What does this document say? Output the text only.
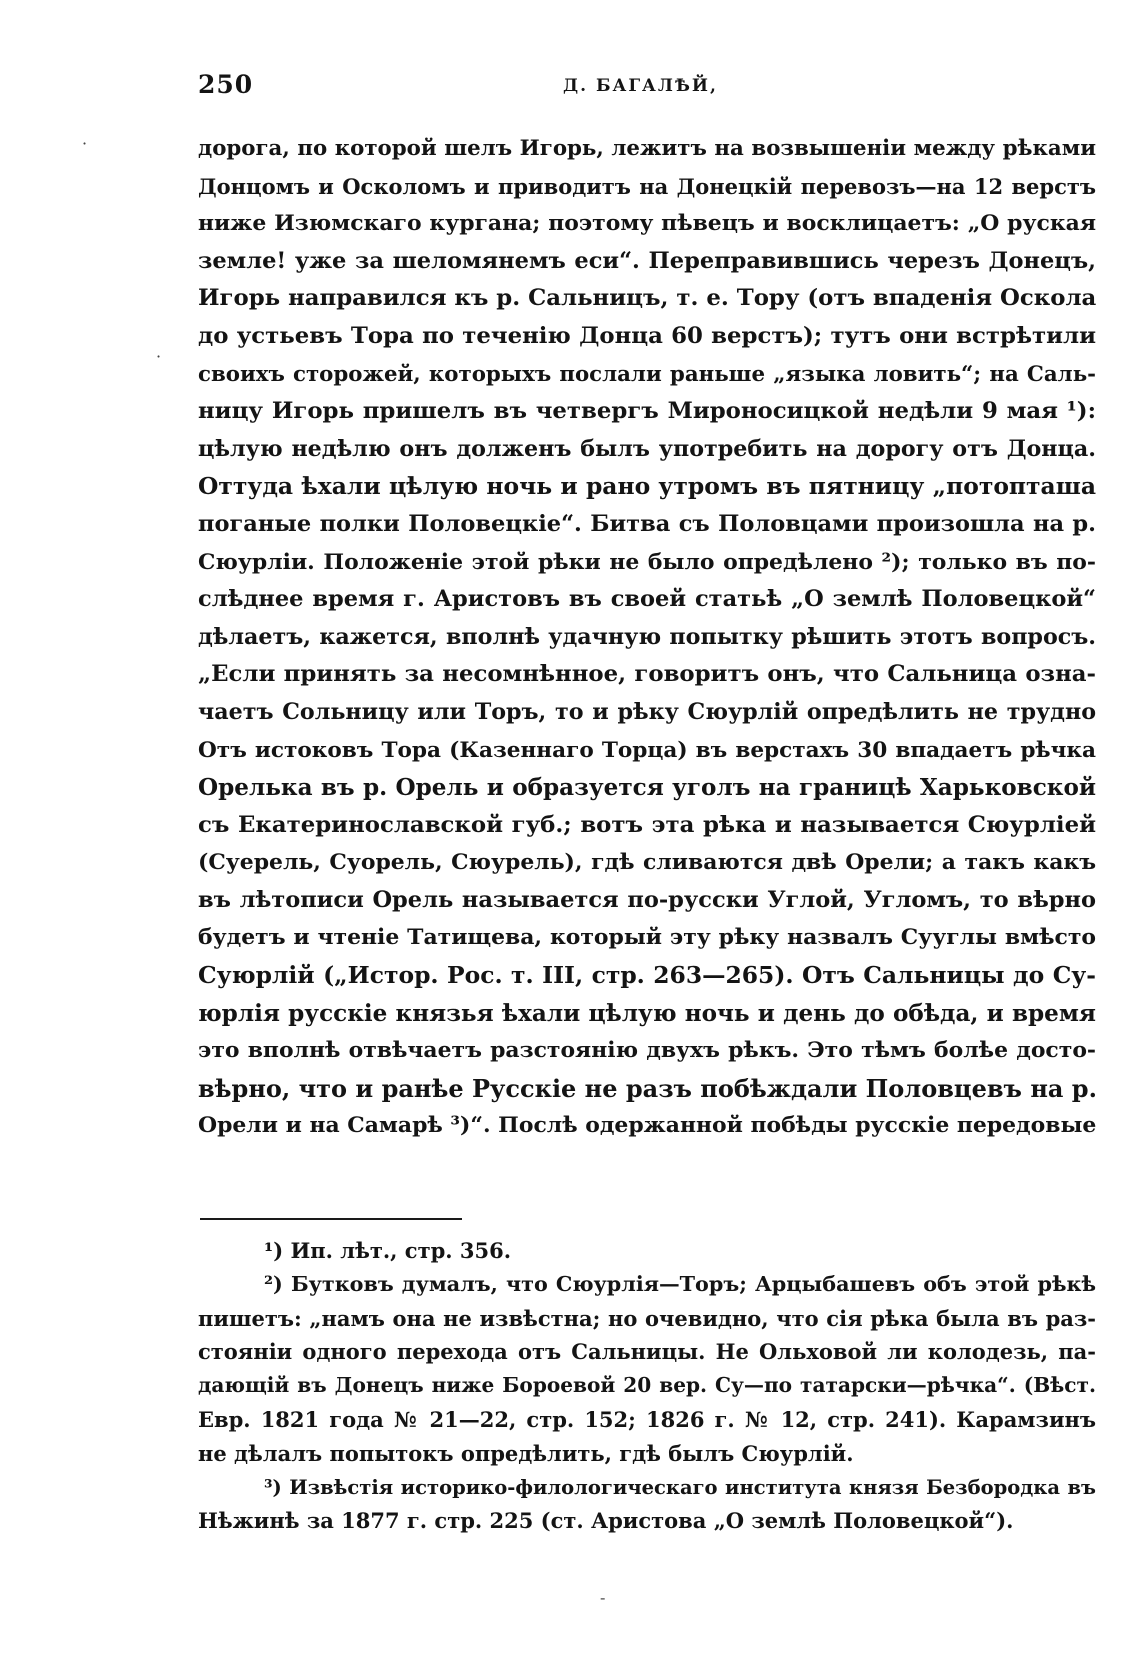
250	Д. БАГАЛѢЙ,
дорога, по которой шелъ Игорь, лежитъ на возвышеніи между рѣками
Донцомъ и Осколомъ и приводитъ на Донецкій перевозъ—на 12 верстъ
ниже Изюмскаго кургана; поэтому пѣвецъ и восклицаетъ: „О руская
земле! уже за шеломянемъ еси“. Переправившись черезъ Донецъ,
Игорь направился къ р. Сальницъ, т. е. Тору (отъ впаденія Оскола
до устьевъ Тора по теченію Донца 60 верстъ); тутъ они встрѣтили
своихъ сторожей, которыхъ послали раньше „языка ловить“; на Саль-
ницу Игорь пришелъ въ четвергъ Мироносицкой недѣли 9 мая ¹):
цѣлую недѣлю онъ долженъ былъ употребить на дорогу отъ Донца.
Оттуда ѣхали цѣлую ночь и рано утромъ въ пятницу „потопташа
поганые полки Половецкіе“. Битва съ Половцами произошла на р.
Сюурліи. Положеніе этой рѣки не было опредѣлено ²); только въ по-
слѣднее время г. Аристовъ въ своей статьѣ „О землѣ Половецкой“
дѣлаетъ, кажется, вполнѣ удачную попытку рѣшить этотъ вопросъ.
„Если принять за несомнѣнное, говоритъ онъ, что Сальница озна-
чаетъ Сольницу или Торъ, то и рѣку Сюурлій опредѣлить не трудно
Отъ истоковъ Тора (Казеннаго Торца) въ верстахъ 30 впадаетъ рѣчка
Орелька въ р. Орель и образуется уголъ на границѣ Харьковской
съ Екатеринославской губ.; вотъ эта рѣка и называется Сюурліей
(Суерель, Суорель, Сюурель), гдѣ сливаются двѣ Орели; а такъ какъ
въ лѣтописи Орель называется по-русски Углой, Угломъ, то вѣрно
будетъ и чтеніе Татищева, который эту рѣку назвалъ Сууглы вмѣсто
Суюрлій („Истор. Рос. т. III, стр. 263—265). Отъ Сальницы до Су-
юрлія русскіе князья ѣхали цѣлую ночь и день до обѣда, и время
это вполнѣ отвѣчаетъ разстоянію двухъ рѣкъ. Это тѣмъ болѣе досто-
вѣрно, что и ранѣе Русскіе не разъ побѣждали Половцевъ на р.
Орели и на Самарѣ ³)“. Послѣ одержанной побѣды русскіе передовые
¹) Ип. лѣт., стр. 356.
²) Бутковъ думалъ, что Сюурлія—Торъ; Арцыбашевъ объ этой рѣкѣ
пишетъ: „намъ она не извѣстна; но очевидно, что сія рѣка была въ раз-
стояніи одного перехода отъ Сальницы. Не Ольховой ли колодезь, па-
дающій въ Донецъ ниже Бороевой 20 вер. Су—по татарски—рѣчка“. (Вѣст.
Евр. 1821 года № 21—22, стр. 152; 1826 г. № 12, стр. 241). Карамзинъ
не дѣлалъ попытокъ опредѣлить, гдѣ былъ Сюурлій.
³) Извѣстія историко-филологическаго института князя Безбородка въ
Нѣжинѣ за 1877 г. стр. 225 (ст. Аристова „О землѣ Половецкой“).
·
·
-
